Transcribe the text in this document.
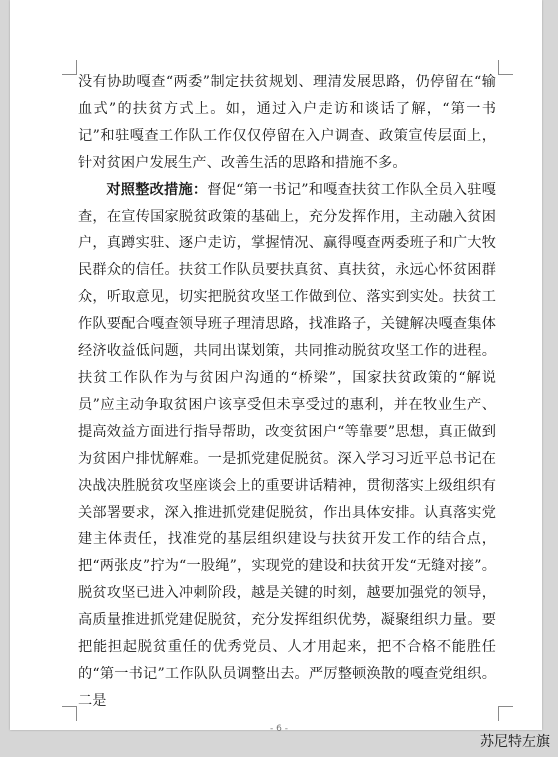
没有协助嘎查“两委”制定扶贫规划、理清发展思路，仍停留在“输血式”的扶贫方式上。如，通过入户走访和谈话了解，“第一书记”和驻嘎查工作队工作仅仅停留在入户调查、政策宣传层面上，针对贫困户发展生产、改善生活的思路和措施不多。

对照整改措施：督促“第一书记”和嘎查扶贫工作队全员入驻嘎查，在宣传国家脱贫政策的基础上，充分发挥作用，主动融入贫困户，真蹲实驻、逐户走访，掌握情况、赢得嘎查两委班子和广大牧民群众的信任。扶贫工作队员要扶真贫、真扶贫，永远心怀贫困群众，听取意见，切实把脱贫攻坚工作做到位、落实到实处。扶贫工作队要配合嘎查领导班子理清思路，找准路子，关键解决嘎查集体经济收益低问题，共同出谋划策，共同推动脱贫攻坚工作的进程。扶贫工作队作为与贫困户沟通的“桥梁”，国家扶贫政策的“解说员”应主动争取贫困户该享受但未享受过的惠利，并在牧业生产、提高效益方面进行指导帮助，改变贫困户“等靠要”思想，真正做到为贫困户排忧解难。一是抓党建促脱贫。深入学习习近平总书记在决战决胜脱贫攻坚座谈会上的重要讲话精神，贯彻落实上级组织有关部署要求，深入推进抓党建促脱贫，作出具体安排。认真落实党建主体责任，找准党的基层组织建设与扶贫开发工作的结合点，把“两张皮”拧为“一股绳”，实现党的建设和扶贫开发“无缝对接”。脱贫攻坚已进入冲刺阶段，越是关键的时刻，越要加强党的领导，高质量推进抓党建促脱贫，充分发挥组织优势，凝聚组织力量。要把能担起脱贫重任的优秀党员、人才用起来，把不合格不能胜任的“第一书记”工作队队员调整出去。严厉整顿涣散的嘎查党组织。二是

- 6 -
苏尼特左旗
